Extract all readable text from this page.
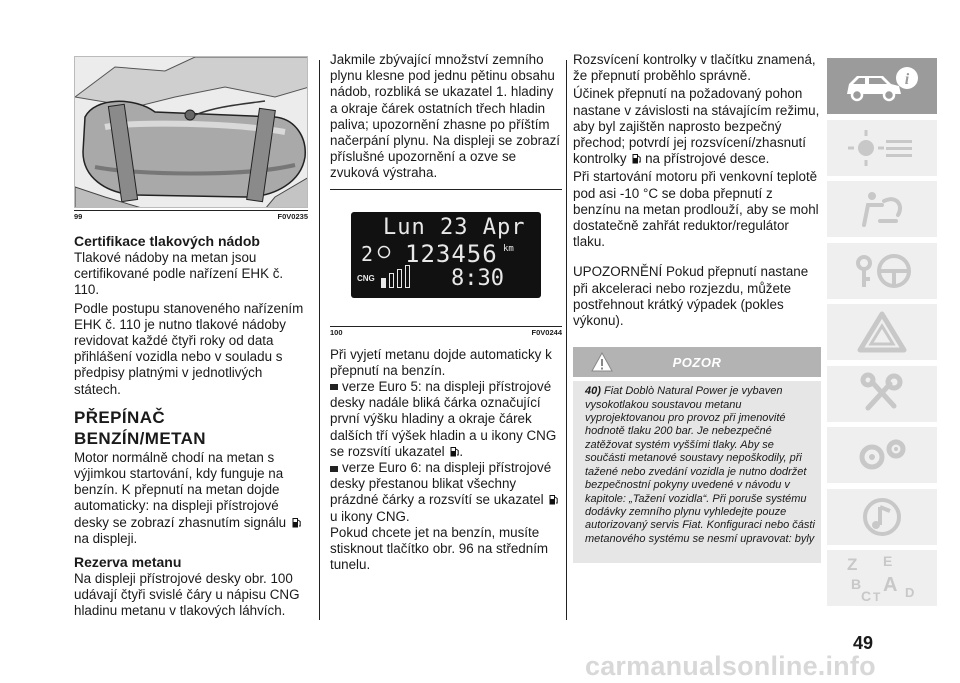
99	F0V0235
Certifikace tlakových nádob

Tlakové nádoby na metan jsou certifikované podle nařízení EHK č. 110.

Podle postupu stanoveného nařízením EHK č. 110 je nutno tlakové nádoby revidovat každé čtyři roky od data přihlášení vozidla nebo v souladu s předpisy platnými v jednotlivých státech.

PŘEPÍNAČ
BENZÍN/METAN

Motor normálně chodí na metan s výjimkou startování, kdy funguje na benzín. K přepnutí na metan dojde automaticky: na displeji přístrojové desky se zobrazí zhasnutím signálu  na displeji.

Rezerva metanu

Na displeji přístrojové desky obr. 100 udávají čtyři svislé čáry u nápisu CNG hladinu metanu v tlakových láhvích.

Jakmile zbývající množství zemního plynu klesne pod jednu pětinu obsahu nádob, rozbliká se ukazatel 1. hladiny a okraje čárek ostatních třech hladin paliva; upozornění zhasne po příštím načerpání plynu. Na displeji se zobrazí příslušné upozornění a ozve se zvuková výstraha.

Lun 23 Apr
2 123456 km
CNG	8:30
100	F0V0244

Při vyjetí metanu dojde automaticky k přepnutí na benzín.

verze Euro 5: na displeji přístrojové desky nadále bliká čárka označující první výšku hladiny a okraje čárek dalších tří výšek hladin a u ikony CNG se rozsvítí ukazatel .

verze Euro 6: na displeji přístrojové desky přestanou blikat všechny prázdné čárky a rozsvítí se ukazatel  u ikony CNG.

Pokud chcete jet na benzín, musíte stisknout tlačítko obr. 96 na středním tunelu.

Rozsvícení kontrolky v tlačítku znamená, že přepnutí proběhlo správně.

Účinek přepnutí na požadovaný pohon nastane v závislosti na stávajícím režimu, aby byl zajištěn naprosto bezpečný přechod; potvrdí jej rozsvícení/zhasnutí kontrolky na přístrojové desce.

Při startování motoru při venkovní teplotě pod asi -10 °C se doba přepnutí z benzínu na metan prodlouží, aby se mohl dostatečně zahřát reduktor/regulátor tlaku.

UPOZORNĚNÍ Pokud přepnutí nastane při akceleraci nebo rozjezdu, můžete postřehnout krátký výpadek (pokles výkonu).

POZOR
40) Fiat Doblò Natural Power je vybaven vysokotlakou soustavou metanu vyprojektovanou pro provoz při jmenovité hodnotě tlaku 200 bar. Je nebezpečné zatěžovat systém vyššími tlaky. Aby se součásti metanové soustavy nepoškodily, při tažené nebo zvedání vozidla je nutno dodržet bezpečnostní pokyny uvedené v návodu v kapitole: „Tažení vozidla“. Při poruše systému dodávky zemního plynu vyhledejte pouze autorizovaný servis Fiat. Konfiguraci nebo části metanového systému se nesmí upravovat: byly
i
Z E
B A
C T D
49
carmanualsonline.info
